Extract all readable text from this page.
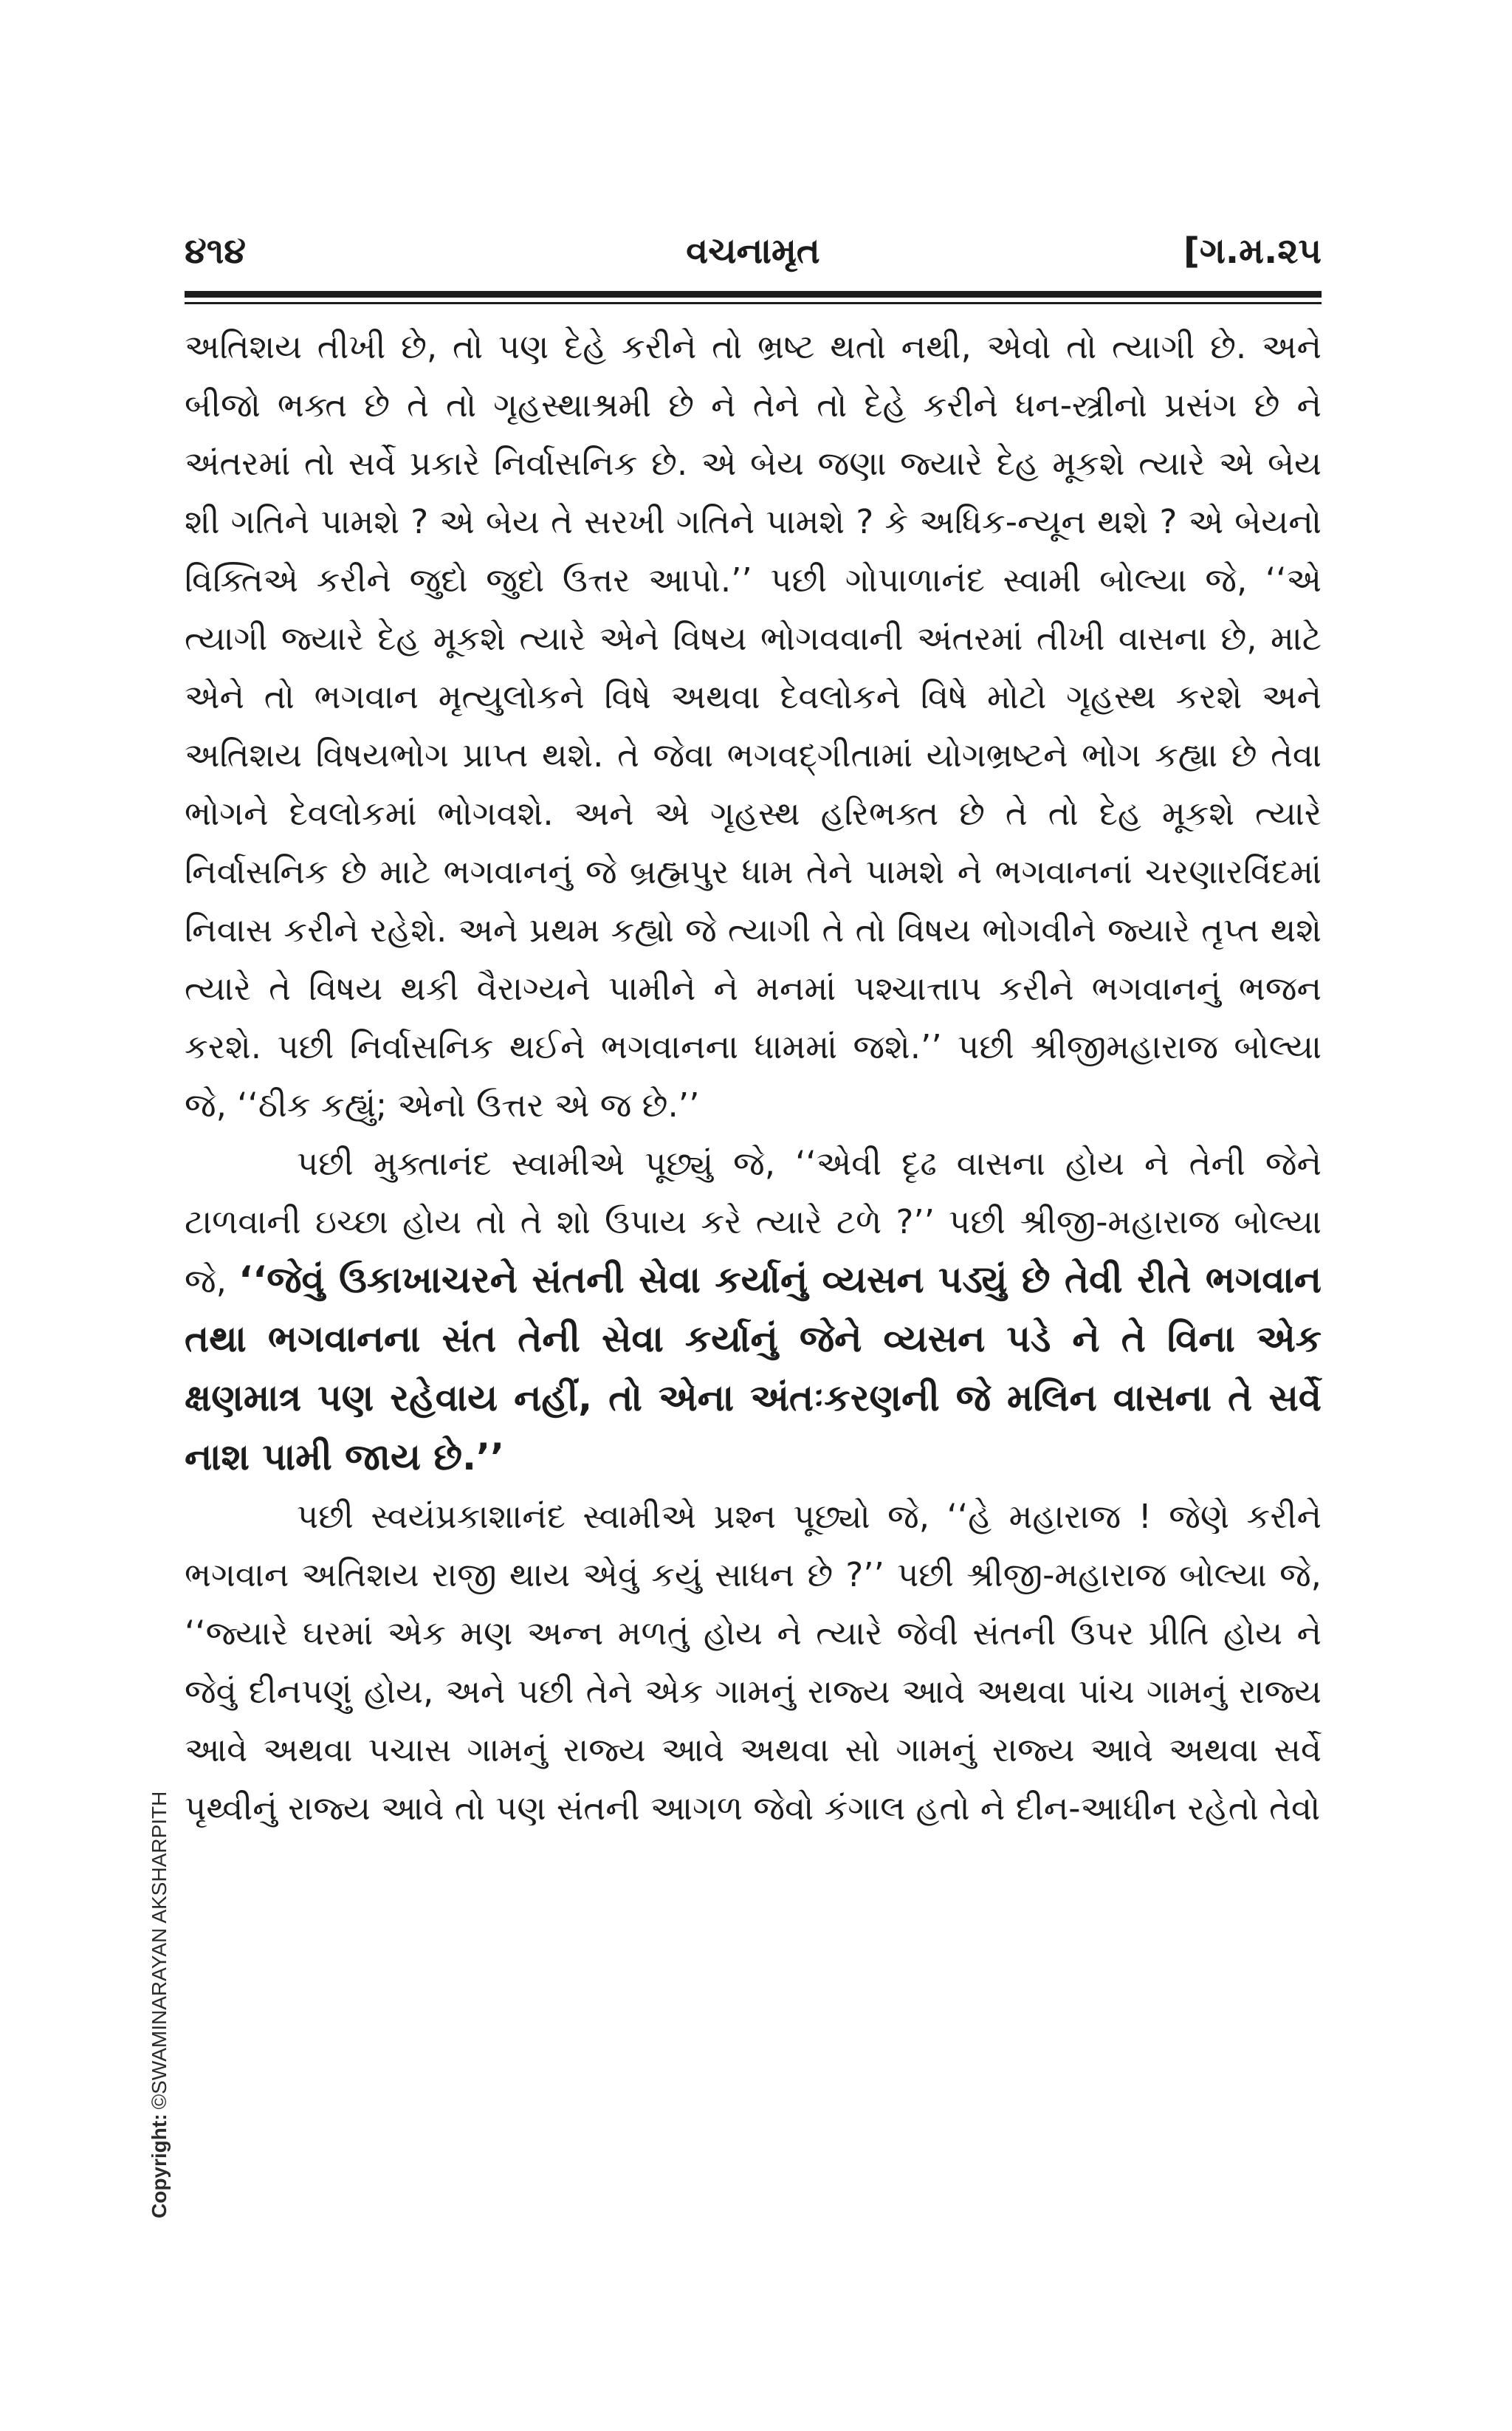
૪૧૪	વચનામૃત	[ગ.મ.૨૫

અતિશય તીખી છે, તો પણ દેહે કરીને તો ભ્રષ્ટ થતો નથી, એવો તો ત્યાગી છે. અને બીજો ભક્ત છે તે તો ગૃહસ્થાશ્રમી છે ને તેને તો દેહે કરીને ધન-સ્ત્રીનો પ્રસંગ છે ને અંતરમાં તો સર્વે પ્રકારે નિર્વાસનિક છે. એ બેય જણા જ્યારે દેહ મૂકશે ત્યારે એ બેય શી ગતિને પામશે ? એ બેય તે સરખી ગતિને પામશે ? કે અધિક-ન્યૂન થશે ? એ બેયનો વિક્તિએ કરીને જુદો જુદો ઉત્તર આપો.’’ પછી ગોપાળાનંદ સ્વામી બોલ્યા જે, ‘‘એ ત્યાગી જ્યારે દેહ મૂકશે ત્યારે એને વિષય ભોગવવાની અંતરમાં તીખી વાસના છે, માટે એને તો ભગવાન મૃત્યુલોકને વિષે અથવા દેવલોકને વિષે મોટો ગૃહસ્થ કરશે અને અતિશય વિષયભોગ પ્રાપ્ત થશે. તે જેવા ભગવદ્‌ગીતામાં યોગભ્રષ્ટને ભોગ કહ્યા છે તેવા ભોગને દેવલોકમાં ભોગવશે. અને એ ગૃહસ્થ હરિભક્ત છે તે તો દેહ મૂકશે ત્યારે નિર્વાસનિક છે માટે ભગવાનનું જે બ્રહ્મપુર ધામ તેને પામશે ને ભગવાનનાં ચરણારવિંદમાં નિવાસ કરીને રહેશે. અને પ્રથમ કહ્યો જે ત્યાગી તે તો વિષય ભોગવીને જ્યારે તૃપ્ત થશે ત્યારે તે વિષય થકી વૈરાગ્યને પામીને ને મનમાં પશ્ચાત્તાપ કરીને ભગવાનનું ભજન કરશે. પછી નિર્વાસનિક થઈને ભગવાનના ધામમાં જશે.’’ પછી શ્રીજીમહારાજ બોલ્યા જે, ‘‘ઠીક કહ્યું; એનો ઉત્તર એ જ છે.’’

પછી મુક્તાનંદ સ્વામીએ પૂછ્યું જે, ‘‘એવી દૃઢ વાસના હોય ને તેની જેને ટાળવાની ઇચ્છા હોય તો તે શો ઉપાય કરે ત્યારે ટળે ?’’ પછી શ્રીજી-મહારાજ બોલ્યા જે, ‘‘જેવું ઉકાખાચરને સંતની સેવા કર્યાનું વ્યસન પડ્યું છે તેવી રીતે ભગવાન તથા ભગવાનના સંત તેની સેવા કર્યાનું જેને વ્યસન પડે ને તે વિના એક ક્ષણમાત્ર પણ રહેવાય નહીં, તો એના અંતઃકરણની જે મલિન વાસના તે સર્વે નાશ પામી જાય છે.’’

પછી સ્વયંપ્રકાશાનંદ સ્વામીએ પ્રશ્ન પૂછ્યો જે, ‘‘હે મહારાજ ! જેણે કરીને ભગવાન અતિશય રાજી થાય એવું કયું સાધન છે ?’’ પછી શ્રીજી-મહારાજ બોલ્યા જે, ‘‘જ્યારે ઘરમાં એક મણ અન્ન મળતું હોય ને ત્યારે જેવી સંતની ઉપર પ્રીતિ હોય ને જેવું દીનપણું હોય, અને પછી તેને એક ગામનું રાજ્ય આવે અથવા પાંચ ગામનું રાજ્ય આવે અથવા પચાસ ગામનું રાજ્ય આવે અથવા સો ગામનું રાજ્ય આવે અથવા સર્વે પૃથ્વીનું રાજ્ય આવે તો પણ સંતની આગળ જેવો કંગાલ હતો ને દીન-આધીન રહેતો તેવો

Copyright:©SWAMINARAYAN AKSHARPITH
